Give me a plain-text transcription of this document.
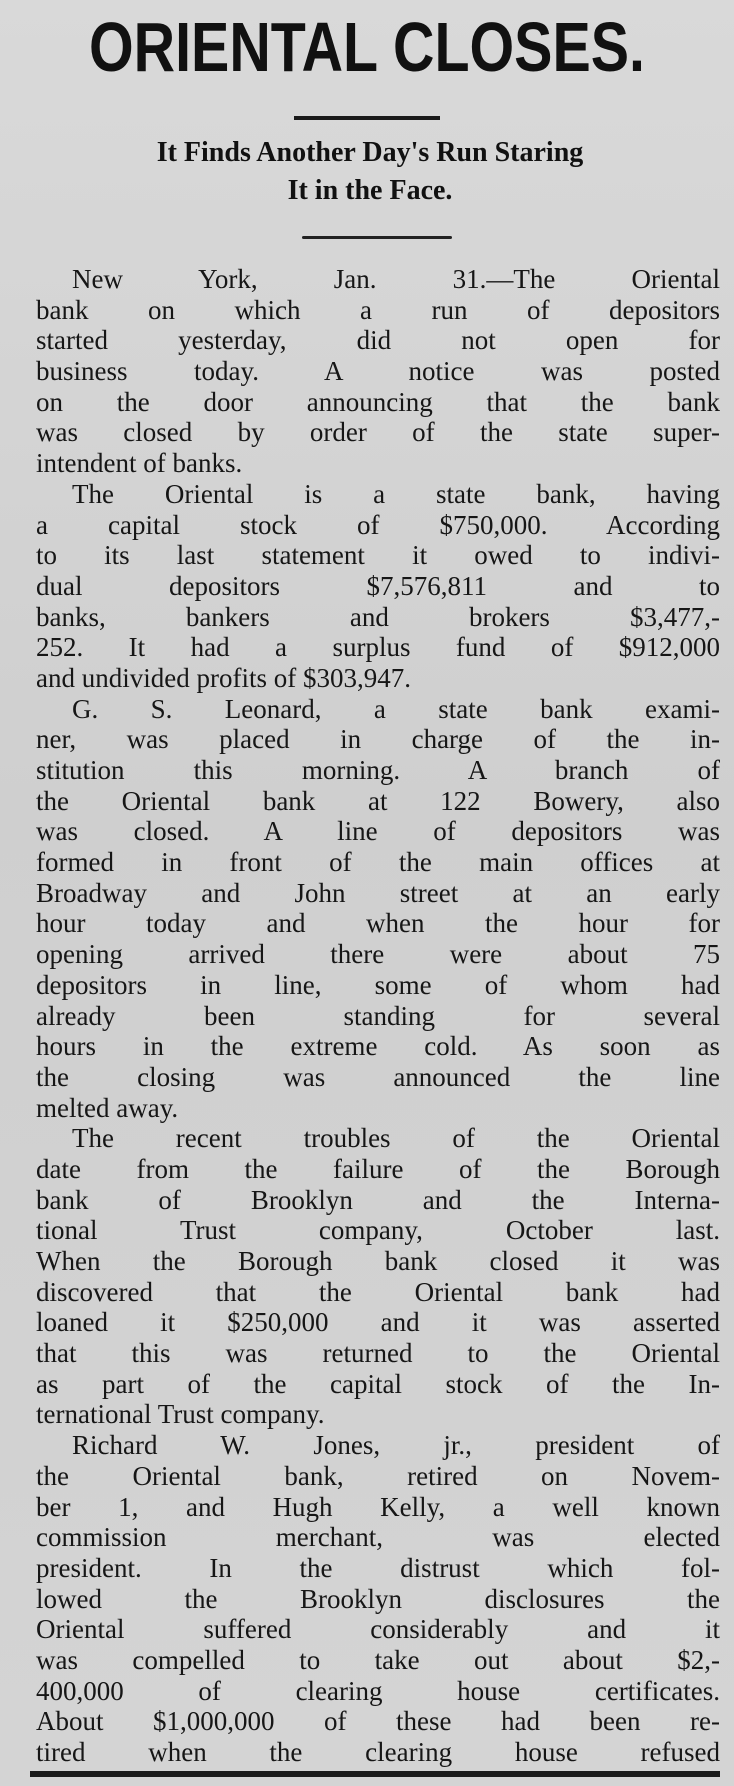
ORIENTAL CLOSES.
It Finds Another Day's Run Staring
It in the Face.
New York, Jan. 31.—The Oriental
bank on which a run of depositors
started yesterday, did not open for
business today. A notice was posted
on the door announcing that the bank
was closed by order of the state super-
intendent of banks.
The Oriental is a state bank, having
a capital stock of $750,000. According
to its last statement it owed to indivi-
dual depositors $7,576,811 and to
banks, bankers and brokers $3,477,-
252. It had a surplus fund of $912,000
and undivided profits of $303,947.
G. S. Leonard, a state bank exami-
ner, was placed in charge of the in-
stitution this morning. A branch of
the Oriental bank at 122 Bowery, also
was closed. A line of depositors was
formed in front of the main offices at
Broadway and John street at an early
hour today and when the hour for
opening arrived there were about 75
depositors in line, some of whom had
already been standing for several
hours in the extreme cold. As soon as
the closing was announced the line
melted away.
The recent troubles of the Oriental
date from the failure of the Borough
bank of Brooklyn and the Interna-
tional Trust company, October last.
When the Borough bank closed it was
discovered that the Oriental bank had
loaned it $250,000 and it was asserted
that this was returned to the Oriental
as part of the capital stock of the In-
ternational Trust company.
Richard W. Jones, jr., president of
the Oriental bank, retired on Novem-
ber 1, and Hugh Kelly, a well known
commission merchant, was elected
president. In the distrust which fol-
lowed the Brooklyn disclosures the
Oriental suffered considerably and it
was compelled to take out about $2,-
400,000 of clearing house certificates.
About $1,000,000 of these had been re-
tired when the clearing house refused
